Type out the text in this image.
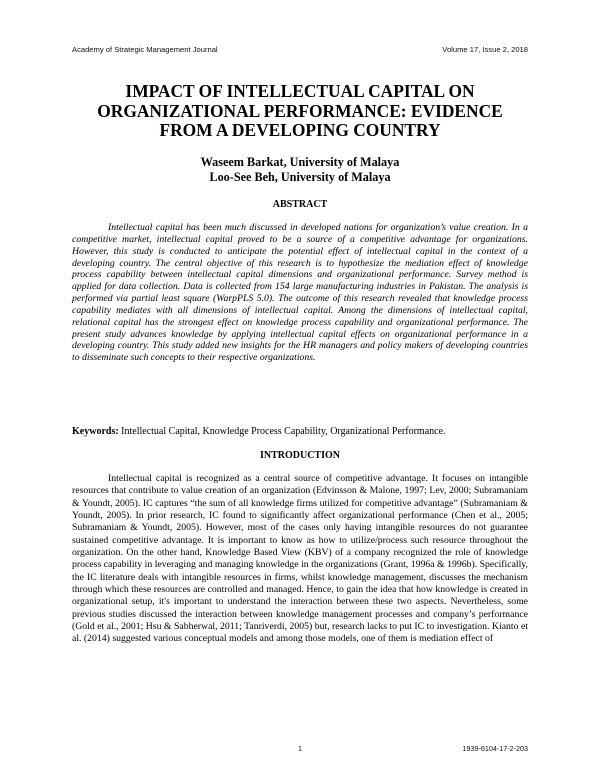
Academy of Strategic Management Journal	Volume 17, Issue 2, 2018
IMPACT OF INTELLECTUAL CAPITAL ON
ORGANIZATIONAL PERFORMANCE: EVIDENCE
FROM A DEVELOPING COUNTRY
Waseem Barkat, University of Malaya
Loo-See Beh, University of Malaya
ABSTRACT

Intellectual capital has been much discussed in developed nations for organization’s value creation. In a competitive market, intellectual capital proved to be a source of a competitive advantage for organizations. However, this study is conducted to anticipate the potential effect of intellectual capital in the context of a developing country. The central objective of this research is to hypothesize the mediation effect of knowledge process capability between intellectual capital dimensions and organizational performance. Survey method is applied for data collection. Data is collected from 154 large manufacturing industries in Pakistan. The analysis is performed via partial least square (WarpPLS 5.0). The outcome of this research revealed that knowledge process capability mediates with all dimensions of intellectual capital. Among the dimensions of intellectual capital, relational capital has the strongest effect on knowledge process capability and organizational performance. The present study advances knowledge by applying intellectual capital effects on organizational performance in a developing country. This study added new insights for the HR managers and policy makers of developing countries to disseminate such concepts to their respective organizations.

Keywords: Intellectual Capital, Knowledge Process Capability, Organizational Performance.
INTRODUCTION

Intellectual capital is recognized as a central source of competitive advantage. It focuses on intangible resources that contribute to value creation of an organization (Edvinsson & Malone, 1997; Lev, 2000; Subramaniam & Youndt, 2005). IC captures “the sum of all knowledge firms utilized for competitive advantage” (Subramaniam & Youndt, 2005). In prior research, IC found to significantly affect organizational performance (Chen et al., 2005; Subramaniam & Youndt, 2005). However, most of the cases only having intangible resources do not guarantee sustained competitive advantage. It is important to know as how to utilize/process such resource throughout the organization. On the other hand, Knowledge Based View (KBV) of a company recognized the role of knowledge process capability in leveraging and managing knowledge in the organizations (Grant, 1996a & 1996b). Specifically, the IC literature deals with intangible resources in firms, whilst knowledge management, discusses the mechanism through which these resources are controlled and managed. Hence, to gain the idea that how knowledge is created in organizational setup, it's important to understand the interaction between these two aspects. Nevertheless, some previous studies discussed the interaction between knowledge management processes and company’s performance (Gold et al., 2001; Hsu & Sabherwal, 2011; Tanriverdi, 2005) but, research lacks to put IC to investigation. Kianto et al. (2014) suggested various conceptual models and among those models, one of them is mediation effect of

1	1939-6104-17-2-203
